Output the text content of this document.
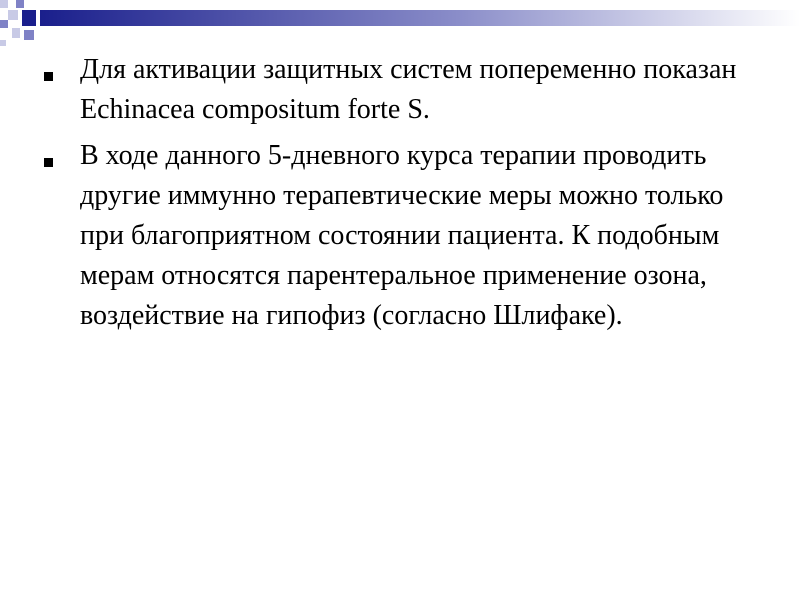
Для активации защитных систем попеременно показан Echinacea compositum forte S.

В ходе данного 5-дневного курса терапии проводить другие иммунно терапевтические меры можно только при благоприятном состоянии пациента. К подобным мерам относятся парентеральное применение озона, воздействие на гипофиз (согласно Шлифаке).
